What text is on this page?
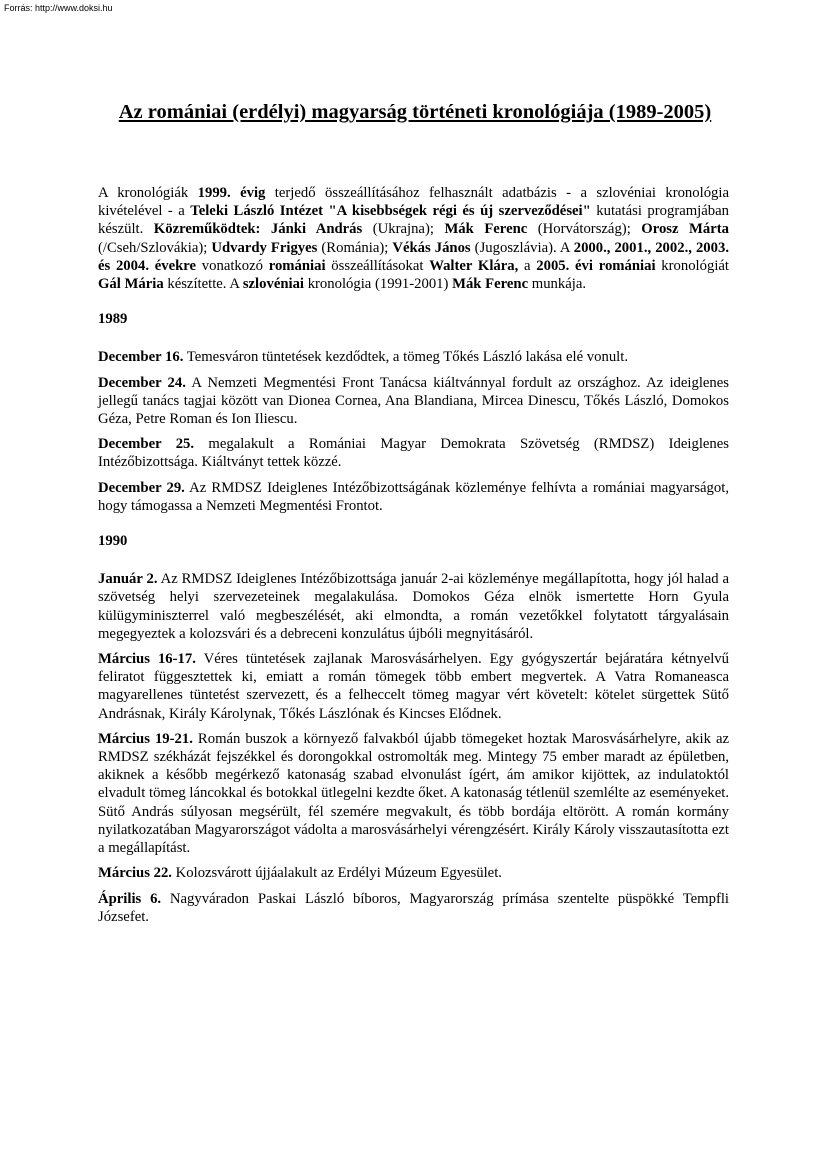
Forrás: http://www.doksi.hu
Az romániai (erdélyi) magyarság történeti kronológiája (1989-2005)

A kronológiák 1999. évig terjedő összeállításához felhasznált adatbázis - a szlovéniai kronológia kivételével - a Teleki László Intézet "A kisebbségek régi és új szerveződései" kutatási programjában készült. Közreműködtek: Jánki András (Ukrajna); Mák Ferenc (Horvátország); Orosz Márta (/Cseh/Szlovákia); Udvardy Frigyes (Románia); Vékás János (Jugoszlávia). A 2000., 2001., 2002., 2003. és 2004. évekre vonatkozó romániai összeállításokat Walter Klára, a 2005. évi romániai kronológiát Gál Mária készítette. A szlovéniai kronológia (1991-2001) Mák Ferenc munkája.

1989

December 16. Temesváron tüntetések kezdődtek, a tömeg Tőkés László lakása elé vonult.

December 24. A Nemzeti Megmentési Front Tanácsa kiáltvánnyal fordult az országhoz. Az ideiglenes jellegű tanács tagjai között van Dionea Cornea, Ana Blandiana, Mircea Dinescu, Tőkés László, Domokos Géza, Petre Roman és Ion Iliescu.

December 25. megalakult a Romániai Magyar Demokrata Szövetség (RMDSZ) Ideiglenes Intézőbizottsága. Kiáltványt tettek közzé.

December 29. Az RMDSZ Ideiglenes Intézőbizottságának közleménye felhívta a romániai magyarságot, hogy támogassa a Nemzeti Megmentési Frontot.

1990

Január 2. Az RMDSZ Ideiglenes Intézőbizottsága január 2-ai közleménye megállapította, hogy jól halad a szövetség helyi szervezeteinek megalakulása. Domokos Géza elnök ismertette Horn Gyula külügyminiszterrel való megbeszélését, aki elmondta, a román vezetőkkel folytatott tárgyalásain megegyeztek a kolozsvári és a debreceni konzulátus újbóli megnyitásáról.

Március 16-17. Véres tüntetések zajlanak Marosvásárhelyen. Egy gyógyszertár bejáratára kétnyelvű feliratot függesztettek ki, emiatt a román tömegek több embert megvertek. A Vatra Romaneasca magyarellenes tüntetést szervezett, és a felheccelt tömeg magyar vért követelt: kötelet sürgettek Sütő Andrásnak, Király Károlynak, Tőkés Lászlónak és Kincses Elődnek.

Március 19-21. Román buszok a környező falvakból újabb tömegeket hoztak Marosvásárhelyre, akik az RMDSZ székházát fejszékkel és dorongokkal ostromolták meg. Mintegy 75 ember maradt az épületben, akiknek a később megérkező katonaság szabad elvonulást ígért, ám amikor kijöttek, az indulatoktól elvadult tömeg láncokkal és botokkal ütlegelni kezdte őket. A katonaság tétlenül szemlélte az eseményeket. Sütő András súlyosan megsérült, fél szemére megvakult, és több bordája eltörött. A román kormány nyilatkozatában Magyarországot vádolta a marosvásárhelyi vérengzésért. Király Károly visszautasította ezt a megállapítást.

Március 22. Kolozsvárott újjáalakult az Erdélyi Múzeum Egyesület.

Április 6. Nagyváradon Paskai László bíboros, Magyarország prímása szentelte püspökké Tempfli Józsefet.
